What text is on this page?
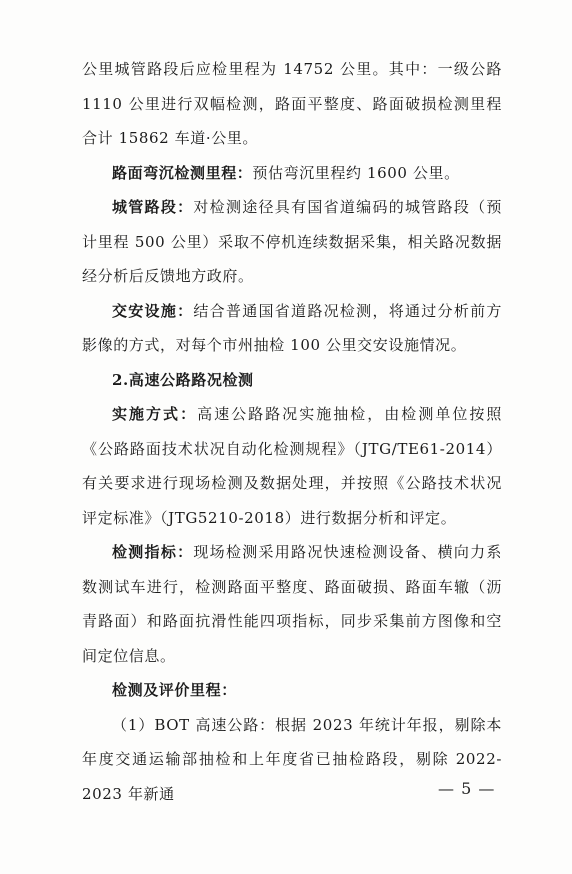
公里城管路段后应检里程为 14752 公里。其中：一级公路 1110 公里进行双幅检测，路面平整度、路面破损检测里程合计 15862 车道·公里。

路面弯沉检测里程：预估弯沉里程约 1600 公里。

城管路段：对检测途径具有国省道编码的城管路段（预计里程 500 公里）采取不停机连续数据采集，相关路况数据经分析后反馈地方政府。

交安设施：结合普通国省道路况检测，将通过分析前方影像的方式，对每个市州抽检 100 公里交安设施情况。

2.高速公路路况检测

实施方式：高速公路路况实施抽检，由检测单位按照《公路路面技术状况自动化检测规程》（JTG/TE61-2014）有关要求进行现场检测及数据处理，并按照《公路技术状况评定标准》（JTG5210-2018）进行数据分析和评定。

检测指标：现场检测采用路况快速检测设备、横向力系数测试车进行，检测路面平整度、路面破损、路面车辙（沥青路面）和路面抗滑性能四项指标，同步采集前方图像和空间定位信息。

检测及评价里程：

（1）BOT 高速公路：根据 2023 年统计年报，剔除本年度交通运输部抽检和上年度省已抽检路段，剔除 2022-2023 年新通	— 5 —
